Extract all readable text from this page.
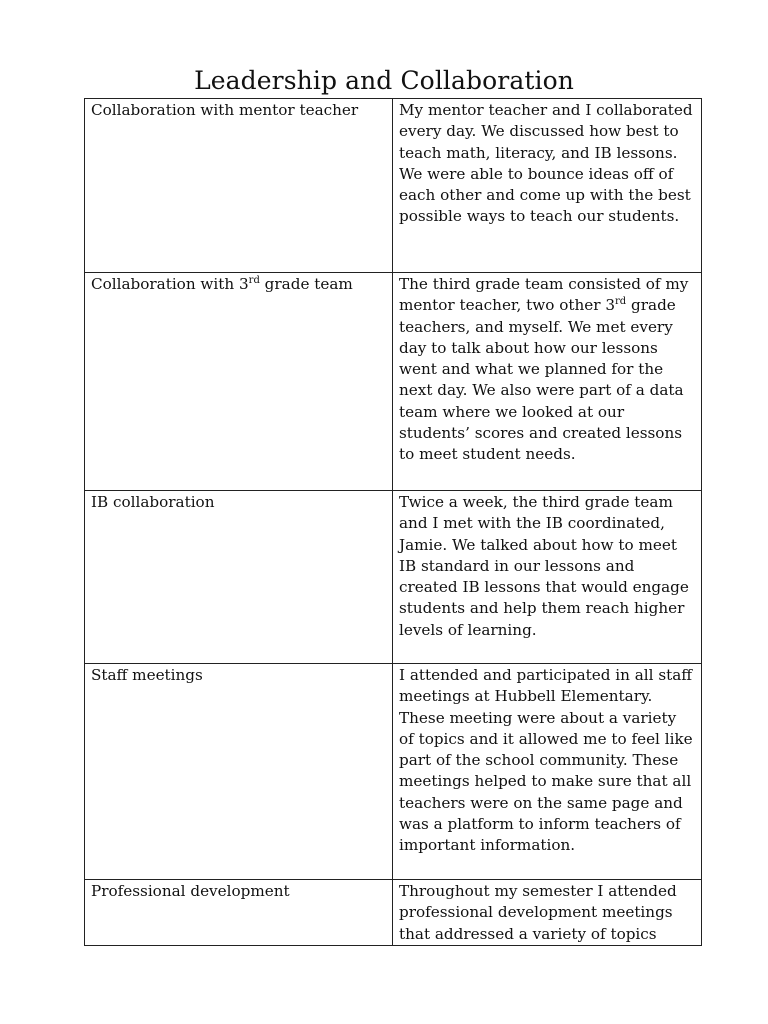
Leadership and Collaboration
Collaboration with mentor teacher	My mentor teacher and I collaborated every day. We discussed how best to teach math, literacy, and IB lessons. We were able to bounce ideas off of each other and come up with the best possible ways to teach our students.
Collaboration with 3rd grade team	The third grade team consisted of my mentor teacher, two other 3rd grade teachers, and myself. We met every day to talk about how our lessons went and what we planned for the next day. We also were part of a data team where we looked at our students’ scores and created lessons to meet student needs.
IB collaboration	Twice a week, the third grade team and I met with the IB coordinated, Jamie. We talked about how to meet IB standard in our lessons and created IB lessons that would engage students and help them reach higher levels of learning.
Staff meetings	I attended and participated in all staff meetings at Hubbell Elementary. These meeting were about a variety of topics and it allowed me to feel like part of the school community. These meetings helped to make sure that all teachers were on the same page and was a platform to inform teachers of important information.
Professional development	Throughout my semester I attended professional development meetings that addressed a variety of topics
